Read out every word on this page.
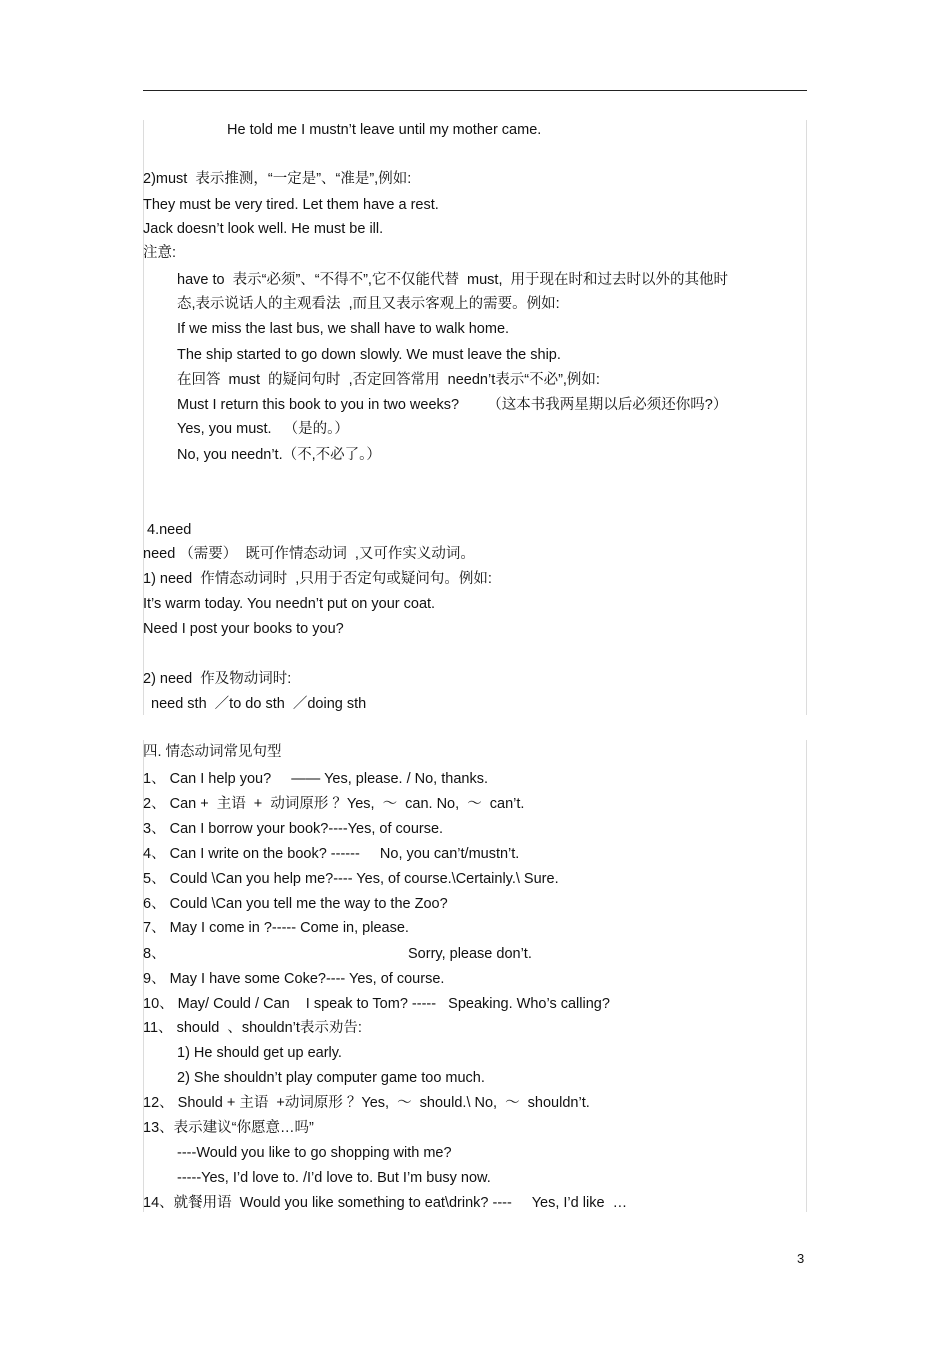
He told me I mustn’t leave until my mother came.
2)must  表示推测，“一定是”、“准是”,例如:
They must be very tired. Let them have a rest.
Jack doesn’t look well. He must be ill.
注意:
have to  表示“必须”、“不得不”,它不仅能代替  must,  用于现在时和过去时以外的其他时
态,表示说话人的主观看法  ,而且又表示客观上的需要。例如:
If we miss the last bus, we shall have to walk home.
The ship started to go down slowly. We must leave the ship.
在回答  must  的疑问句时  ,否定回答常用  needn’t表示“不必”,例如:
Must I return this book to you in two weeks?       （这本书我两星期以后必须还你吗?）
Yes, you must.   （是的。）
No, you needn’t.（不,不必了。）
4.need
need （需要）  既可作情态动词  ,又可作实义动词。
1) need  作情态动词时  ,只用于否定句或疑问句。例如:
It’s warm today. You needn’t put on your coat.
Need I post your books to you?
2) need  作及物动词时:
need sth  ／to do sth  ／doing sth
四. 情态动词常见句型
1、 Can I help you?     —— Yes, please. / No, thanks.
2、 Can +  主语  +  动词原形 ？Yes,  ～  can. No,  ～  can’t.
3、 Can I borrow your book?----Yes, of course.
4、 Can I write on the book? ------     No, you can’t/mustn’t.
5、 Could \Can you help me?---- Yes, of course.\Certainly.\ Sure.
6、 Could \Can you tell me the way to the Zoo?
7、 May I come in ?----- Come in, please.
8、	Sorry, please don’t.
9、 May I have some Coke?---- Yes, of course.
10、 May/ Could / Can    I speak to Tom? -----   Speaking. Who’s calling?
11、 should  、shouldn’t表示劝告:
1) He should get up early.
2) She shouldn’t play computer game too much.
12、 Should + 主语  +动词原形 ？Yes,  ～  should.\ No,  ～  shouldn’t.
13、表示建议“你愿意…吗”
----Would you like to go shopping with me?
-----Yes, I’d love to. /I’d love to. But I’m busy now.
14、就餐用语  Would you like something to eat\drink? ----     Yes, I’d like  …
3
